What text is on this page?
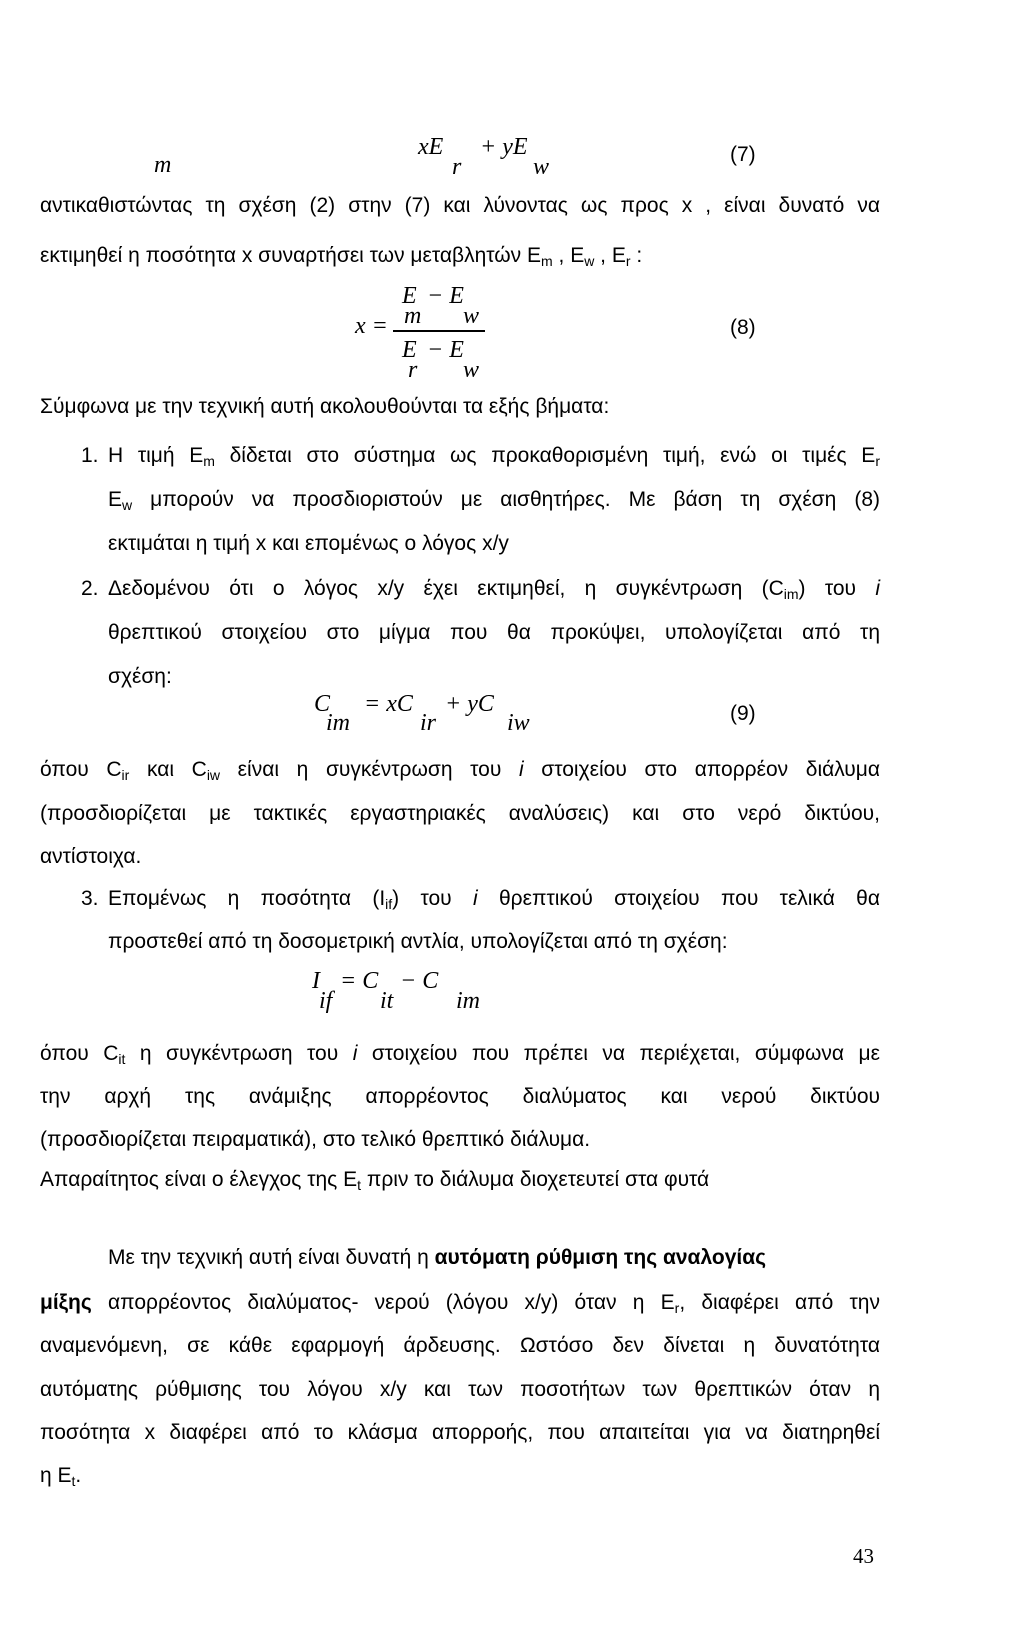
m
xE
r
+ yE
w	(7)
αντικαθιστώντας τη σχέση (2) στην (7) και λύνοντας ως προς x , είναι δυνατό να
εκτιμηθεί η ποσότητα x συναρτήσει των μεταβλητών $E_m$ , $E_w$ , $E_r$ :
E − E
m w
x =
E − E
r w
(8)
Σύμφωνα με την τεχνική αυτή ακολουθούνται τα εξής βήματα:
1. Η τιμή $E_m$ δίδεται στο σύστημα ως προκαθορισμένη τιμή, ενώ οι τιμές $E_r$
$E_w$ μπορούν να προσδιοριστούν με αισθητήρες. Με βάση τη σχέση (8)
εκτιμάται η τιμή x και επομένως ο λόγος x/y
2. Δεδομένου ότι ο λόγος x/y έχει εκτιμηθεί, η συγκέντρωση $(C_{im})$ του i
θρεπτικού στοιχείου στο μίγμα που θα προκύψει, υπολογίζεται από τη
σχέση:
C
im
= xC
ir
+ yC
iw	(9)
όπου $C_{ir}$ και $C_{iw}$ είναι η συγκέντρωση του i στοιχείου στο απορρέον διάλυμα
(προσδιορίζεται με τακτικές εργαστηριακές αναλύσεις) και στο νερό δικτύου,
αντίστοιχα.
3. Επομένως η ποσότητα $(I_{if})$ του i θρεπτικού στοιχείου που τελικά θα
προστεθεί από τη δοσομετρική αντλία, υπολογίζεται από τη σχέση:
I
if
= C
it
− C
im
όπου $C_{it}$ η συγκέντρωση του i στοιχείου που πρέπει να περιέχεται, σύμφωνα με
την αρχή της ανάμιξης απορρέοντος διαλύματος και νερού δικτύου
(προσδιορίζεται πειραματικά), στο τελικό θρεπτικό διάλυμα.
Απαραίτητος είναι ο έλεγχος της $E_t$ πριν το διάλυμα διοχετευτεί στα φυτά
Με την τεχνική αυτή είναι δυνατή η αυτόματη ρύθμιση της αναλογίας
μίξης απορρέοντος διαλύματος- νερού (λόγου x/y) όταν η $E_r$, διαφέρει από την
αναμενόμενη, σε κάθε εφαρμογή άρδευσης. Ωστόσο δεν δίνεται η δυνατότητα
αυτόματης ρύθμισης του λόγου x/y και των ποσοτήτων των θρεπτικών όταν η
ποσότητα x διαφέρει από το κλάσμα απορροής, που απαιτείται για να διατηρηθεί
η $E_t$.
43
